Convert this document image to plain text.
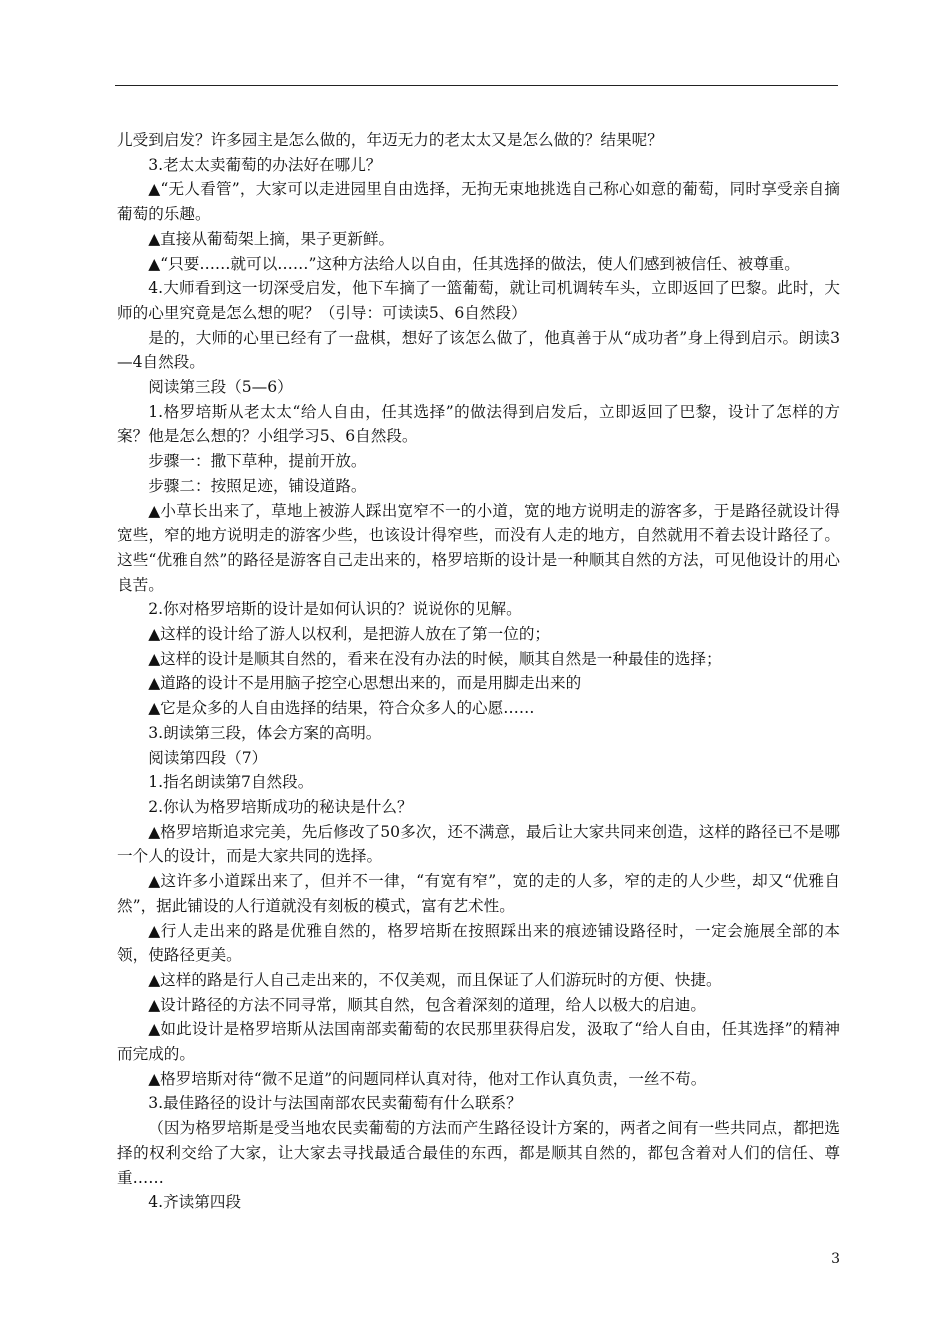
儿受到启发？许多园主是怎么做的，年迈无力的老太太又是怎么做的？结果呢？

3.老太太卖葡萄的办法好在哪儿？

▲“无人看管”，大家可以走进园里自由选择，无拘无束地挑选自己称心如意的葡萄，同时享受亲自摘葡萄的乐趣。

▲直接从葡萄架上摘，果子更新鲜。

▲“只要……就可以……”这种方法给人以自由，任其选择的做法，使人们感到被信任、被尊重。

4.大师看到这一切深受启发，他下车摘了一篮葡萄，就让司机调转车头，立即返回了巴黎。此时，大师的心里究竟是怎么想的呢？（引导：可读读5、6自然段）

是的，大师的心里已经有了一盘棋，想好了该怎么做了，他真善于从“成功者”身上得到启示。朗读3—4自然段。

阅读第三段（5—6）

1.格罗培斯从老太太“给人自由，任其选择”的做法得到启发后，立即返回了巴黎，设计了怎样的方案？他是怎么想的？小组学习5、6自然段。

步骤一：撒下草种，提前开放。

步骤二：按照足迹，铺设道路。

▲小草长出来了，草地上被游人踩出宽窄不一的小道，宽的地方说明走的游客多，于是路径就设计得宽些，窄的地方说明走的游客少些，也该设计得窄些，而没有人走的地方，自然就用不着去设计路径了。这些“优雅自然”的路径是游客自己走出来的，格罗培斯的设计是一种顺其自然的方法，可见他设计的用心良苦。

2.你对格罗培斯的设计是如何认识的？说说你的见解。

▲这样的设计给了游人以权利，是把游人放在了第一位的；

▲这样的设计是顺其自然的，看来在没有办法的时候，顺其自然是一种最佳的选择；

▲道路的设计不是用脑子挖空心思想出来的，而是用脚走出来的

▲它是众多的人自由选择的结果，符合众多人的心愿……

3.朗读第三段，体会方案的高明。

阅读第四段（7）

1.指名朗读第7自然段。

2.你认为格罗培斯成功的秘诀是什么？

▲格罗培斯追求完美，先后修改了50多次，还不满意，最后让大家共同来创造，这样的路径已不是哪一个人的设计，而是大家共同的选择。

▲这许多小道踩出来了，但并不一律，“有宽有窄”，宽的走的人多，窄的走的人少些，却又“优雅自然”，据此铺设的人行道就没有刻板的模式，富有艺术性。

▲行人走出来的路是优雅自然的，格罗培斯在按照踩出来的痕迹铺设路径时，一定会施展全部的本领，使路径更美。

▲这样的路是行人自己走出来的，不仅美观，而且保证了人们游玩时的方便、快捷。

▲设计路径的方法不同寻常，顺其自然，包含着深刻的道理，给人以极大的启迪。

▲如此设计是格罗培斯从法国南部卖葡萄的农民那里获得启发，汲取了“给人自由，任其选择”的精神而完成的。

▲格罗培斯对待“微不足道”的问题同样认真对待，他对工作认真负责，一丝不苟。

3.最佳路径的设计与法国南部农民卖葡萄有什么联系？

（因为格罗培斯是受当地农民卖葡萄的方法而产生路径设计方案的，两者之间有一些共同点，都把选择的权利交给了大家，让大家去寻找最适合最佳的东西，都是顺其自然的，都包含着对人们的信任、尊重……

4.齐读第四段

3
